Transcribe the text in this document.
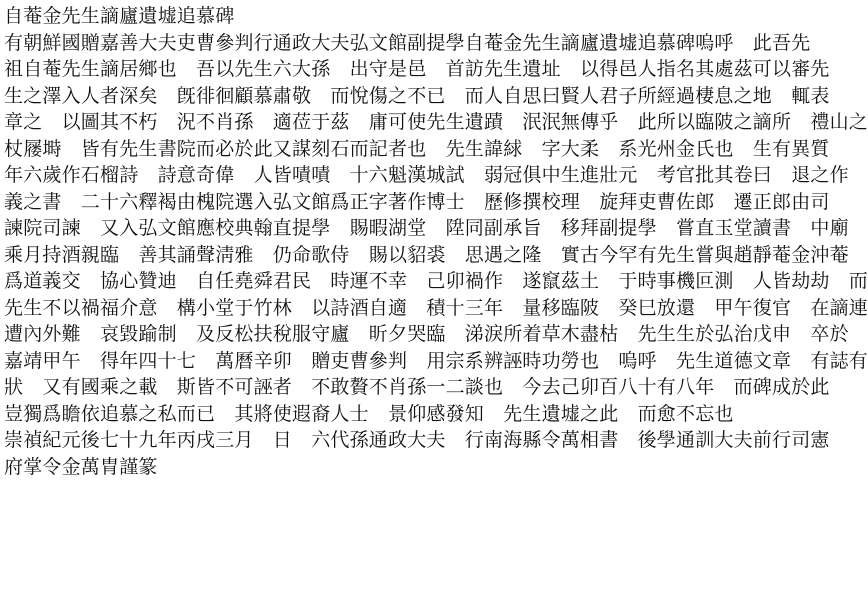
自菴金先生謫廬遺墟追慕碑
有朝鮮國贈嘉善大夫吏曹參判行通政大夫弘文館副提學自菴金先生謫廬遺墟追慕碑嗚呼　此吾先
祖自菴先生謫居鄉也　吾以先生六大孫　出守是邑　首訪先生遺址　以得邑人指名其處茲可以審先
生之澤入人者深矣　旣徘徊顧慕肅敬　而悅傷之不已　而人自思曰賢人君子所經過棲息之地　輒表
章之　以圖其不朽　況不肖孫　適莅于茲　庸可使先生遺蹟　泯泯無傳乎　此所以臨陂之謫所　禮山之
杖屦塒　皆有先生書院而必於此又謀刻石而記者也　先生諱絿　字大柔　系光州金氏也　生有異質
年六歲作石榴詩　詩意奇偉　人皆嘖嘖　十六魁漢城試　弱冠俱中生進壯元　考官批其卷曰　退之作
義之書　二十六釋褐由槐院選入弘文館爲正字著作博士　歷修撰校理　旋拜吏曹佐郎　遷正郎由司
諫院司諫　又入弘文館應校典翰直提學　賜暇湖堂　陞同副承旨　移拜副提學　嘗直玉堂讀書　中廟
乘月持酒親臨　善其誦聲淸雅　仍命歌侍　賜以貂裘　思遇之隆　實古今罕有先生嘗與趙靜菴金沖菴
爲道義交　協心贊迪　自任堯舜君民　時運不幸　己卯禍作　遂竄茲土　于時事機叵測　人皆劫劫　而
先生不以禍福介意　構小堂于竹林　以詩酒自適　積十三年　量移臨陂　癸巳放還　甲午復官　在謫連
遭內外難　哀毀踰制　及反松扶稅服守廬　昕夕哭臨　涕淚所着草木盡枯　先生生於弘治戊申　卒於
嘉靖甲午　得年四十七　萬曆辛卯　贈吏曹參判　用宗系辨誣時功勞也　嗚呼　先生道德文章　有誌有
狀　又有國乘之載　斯皆不可誣者　不敢贅不肖孫一二談也　今去己卯百八十有八年　而碑成於此
豈獨爲瞻依追慕之私而已　其將使遐裔人士　景仰感發知　先生遺墟之此　而愈不忘也
崇禎紀元後七十九年丙戌三月　日　六代孫通政大夫　行南海縣令萬相書　後學通訓大夫前行司憲
府掌令金萬胄謹篆
